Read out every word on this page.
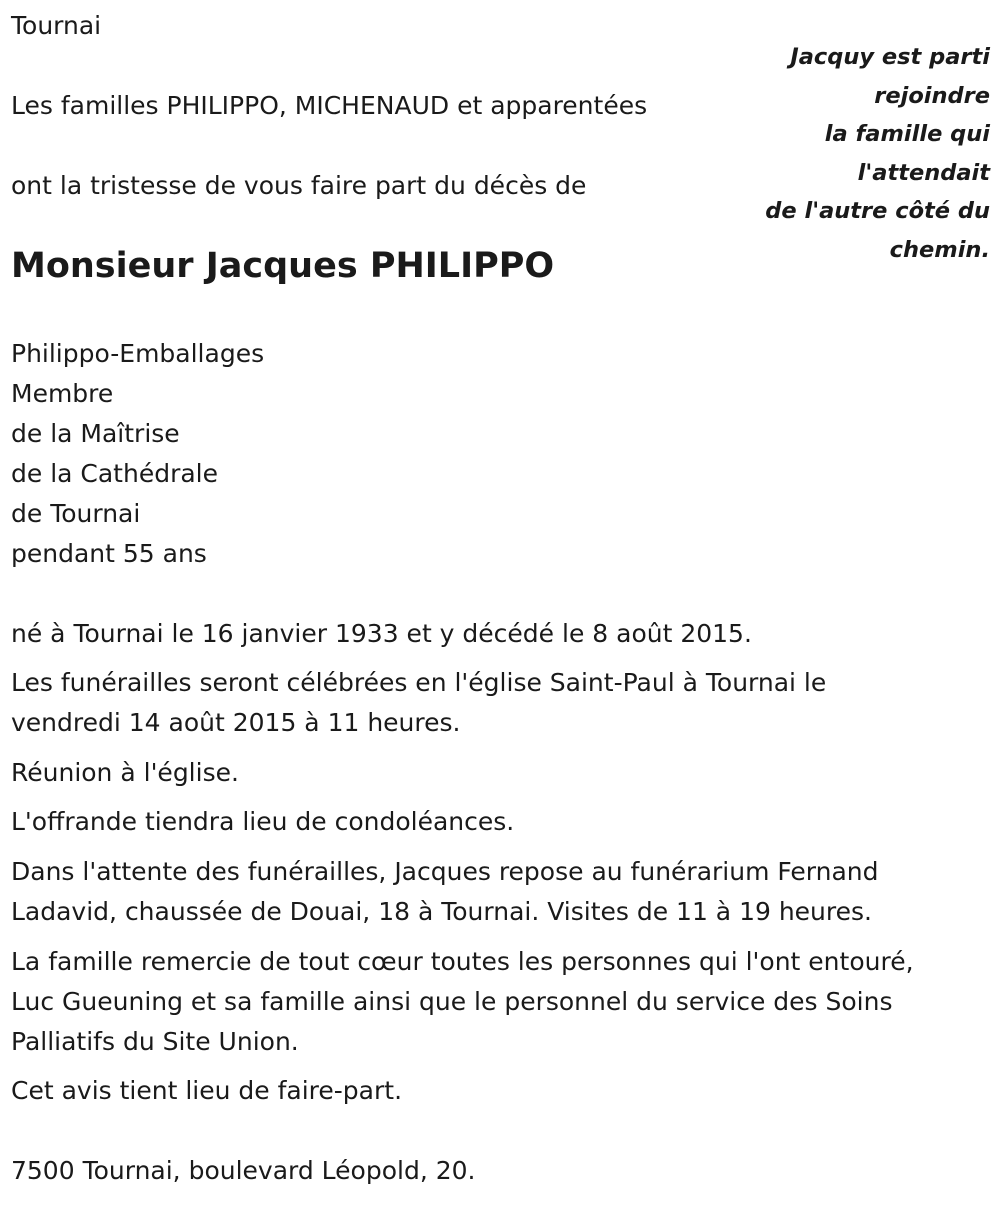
Tournai
Les familles PHILIPPO, MICHENAUD et apparentées
ont la tristesse de vous faire part du décès de
Monsieur Jacques PHILIPPO
Jacquy est parti
rejoindre
la famille qui
l'attendait
de l'autre côté du
chemin.
Philippo-Emballages
Membre
de la Maîtrise
de la Cathédrale
de Tournai
pendant 55 ans
né à Tournai le 16 janvier 1933 et y décédé le 8 août 2015.
Les funérailles seront célébrées en l'église Saint-Paul à Tournai le
vendredi 14 août 2015 à 11 heures.
Réunion à l'église.
L'offrande tiendra lieu de condoléances.
Dans l'attente des funérailles, Jacques repose au funérarium Fernand
Ladavid, chaussée de Douai, 18 à Tournai. Visites de 11 à 19 heures.
La famille remercie de tout cœur toutes les personnes qui l'ont entouré,
Luc Gueuning et sa famille ainsi que le personnel du service des Soins
Palliatifs du Site Union.
Cet avis tient lieu de faire-part.
7500 Tournai, boulevard Léopold, 20.
